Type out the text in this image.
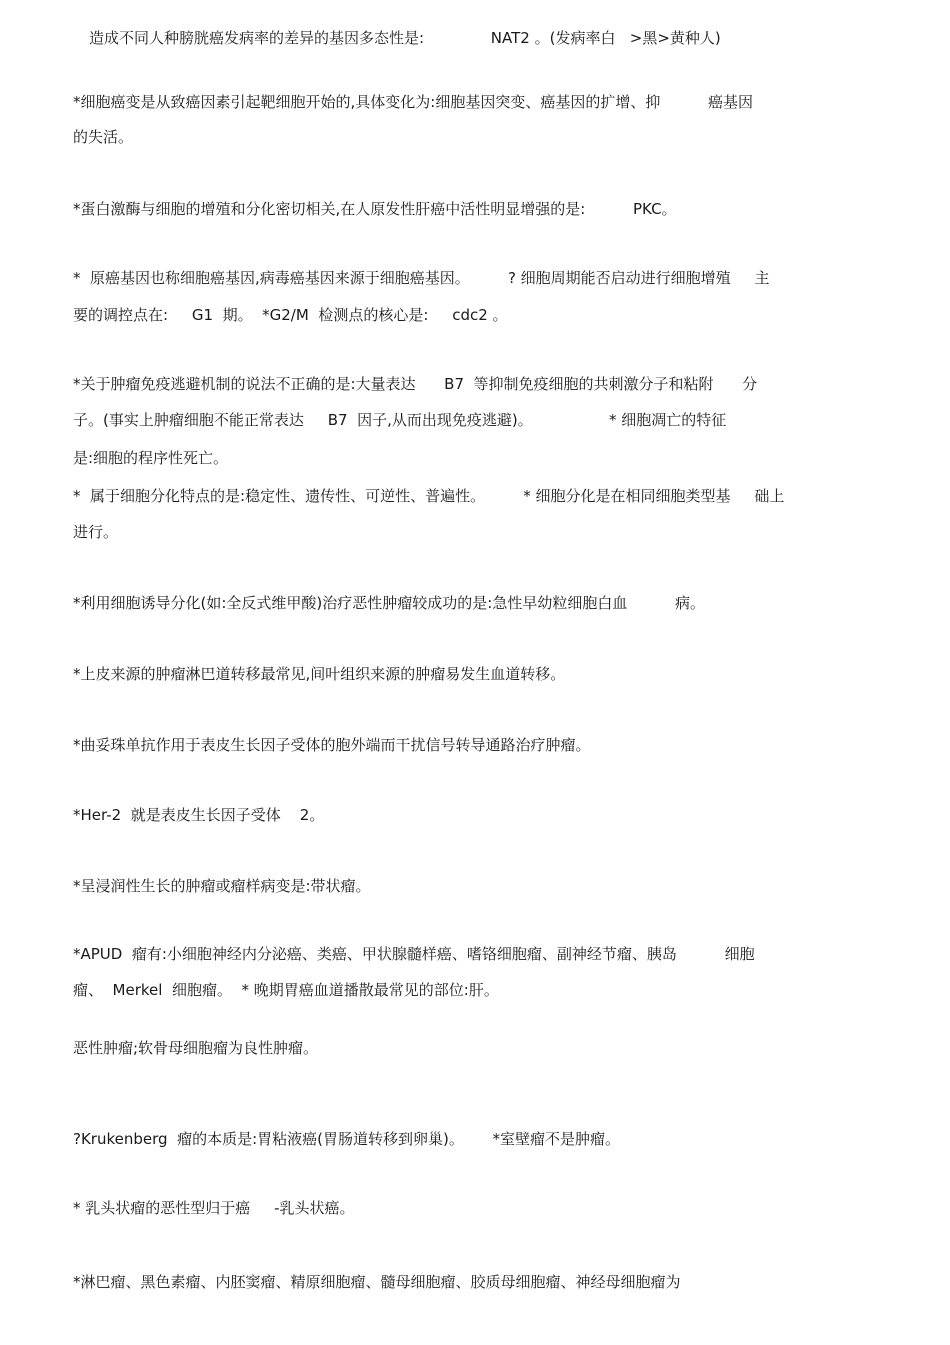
造成不同人种膀胱癌发病率的差异的基因多态性是:              NAT2 。(发病率白   >黑>黄种人)
*细胞癌变是从致癌因素引起靶细胞开始的,具体变化为:细胞基因突变、癌基因的扩增、抑          癌基因
的失活。
*蛋白激酶与细胞的增殖和分化密切相关,在人原发性肝癌中活性明显增强的是:          PKC。
*  原癌基因也称细胞癌基因,病毒癌基因来源于细胞癌基因。        ? 细胞周期能否启动进行细胞增殖     主
要的调控点在:     G1  期。  *G2/M  检测点的核心是:     cdc2 。
*关于肿瘤免疫逃避机制的说法不正确的是:大量表达      B7  等抑制免疫细胞的共刺激分子和粘附      分
子。(事实上肿瘤细胞不能正常表达     B7  因子,从而出现免疫逃避)。                * 细胞凋亡的特征
是:细胞的程序性死亡。
*  属于细胞分化特点的是:稳定性、遗传性、可逆性、普遍性。        * 细胞分化是在相同细胞类型基     础上
进行。
*利用细胞诱导分化(如:全反式维甲酸)治疗恶性肿瘤较成功的是:急性早幼粒细胞白血          病。
*上皮来源的肿瘤淋巴道转移最常见,间叶组织来源的肿瘤易发生血道转移。
*曲妥珠单抗作用于表皮生长因子受体的胞外端而干扰信号转导通路治疗肿瘤。
*Her-2  就是表皮生长因子受体    2。
*呈浸润性生长的肿瘤或瘤样病变是:带状瘤。
*APUD  瘤有:小细胞神经内分泌癌、类癌、甲状腺髓样癌、嗜铬细胞瘤、副神经节瘤、胰岛          细胞
瘤、  Merkel  细胞瘤。  * 晚期胃癌血道播散最常见的部位:肝。
恶性肿瘤;软骨母细胞瘤为良性肿瘤。
?Krukenberg  瘤的本质是:胃粘液癌(胃肠道转移到卵巢)。      *室壁瘤不是肿瘤。
* 乳头状瘤的恶性型归于癌     -乳头状癌。
*淋巴瘤、黑色素瘤、内胚窦瘤、精原细胞瘤、髓母细胞瘤、胶质母细胞瘤、神经母细胞瘤为
